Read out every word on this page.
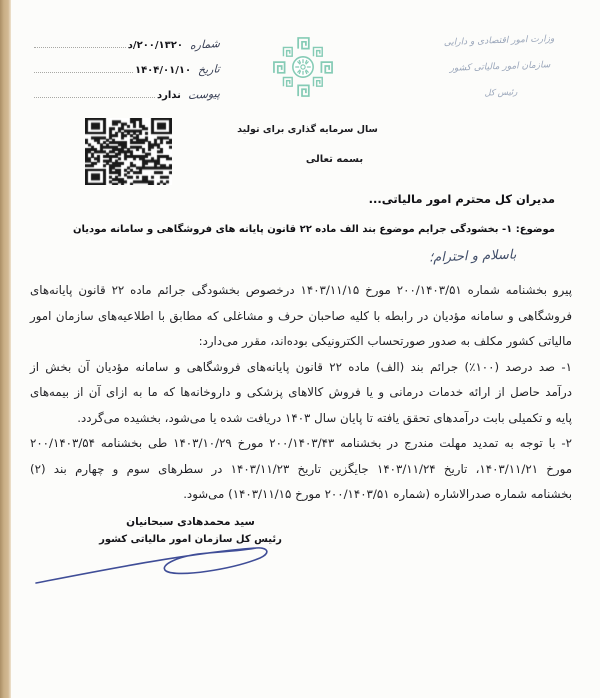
شماره
۲۰۰/۱۳۲۰/د
تاریخ
۱۴۰۴/۰۱/۱۰
پیوست
ندارد
وزارت امور اقتصادی و دارایی
سازمان امور مالیاتی کشور
رئیس کل
سال سرمایه گذاری برای تولید
بسمه تعالی
مدیران کل محترم امور مالیاتی...
موضوع: ۱- بخشودگی جرایم موضوع بند الف ماده ۲۲ قانون پایانه های فروشگاهی و سامانه مودیان
باسلام و احترام؛
پیرو بخشنامه شماره ۲۰۰/۱۴۰۳/۵۱ مورخ ۱۴۰۳/۱۱/۱۵ درخصوص بخشودگی جرائم ماده ۲۲ قانون پایانه‌های
فروشگاهی و سامانه مؤدیان در رابطه با کلیه صاحبان حرف و مشاغلی که مطابق با اطلاعیه‌های سازمان امور
مالیاتی کشور مکلف به صدور صورتحساب الکترونیکی بوده‌اند، مقرر می‌دارد:
۱- صد درصد (۱۰۰٪) جرائم بند (الف) ماده ۲۲ قانون پایانه‌های فروشگاهی و سامانه مؤدیان آن بخش از
درآمد حاصل از ارائه خدمات درمانی و یا فروش کالاهای پزشکی و داروخانه‌ها که ما به ازای آن از بیمه‌های
پایه و تکمیلی بابت درآمدهای تحقق یافته تا پایان سال ۱۴۰۳ دریافت شده یا می‌شود، بخشیده می‌گردد.
۲- با توجه به تمدید مهلت مندرج در بخشنامه ۲۰۰/۱۴۰۳/۴۳ مورخ ۱۴۰۳/۱۰/۲۹ طی بخشنامه ۲۰۰/۱۴۰۳/۵۴
مورخ ۱۴۰۳/۱۱/۲۱، تاریخ ۱۴۰۳/۱۱/۲۴ جایگزین تاریخ ۱۴۰۳/۱۱/۲۳ در سطرهای سوم و چهارم بند (۲)
بخشنامه شماره صدرالاشاره (شماره ۲۰۰/۱۴۰۳/۵۱ مورخ ۱۴۰۳/۱۱/۱۵) می‌شود.
سید محمدهادی سبحانیان
رئیس کل سازمان امور مالیاتی کشور
